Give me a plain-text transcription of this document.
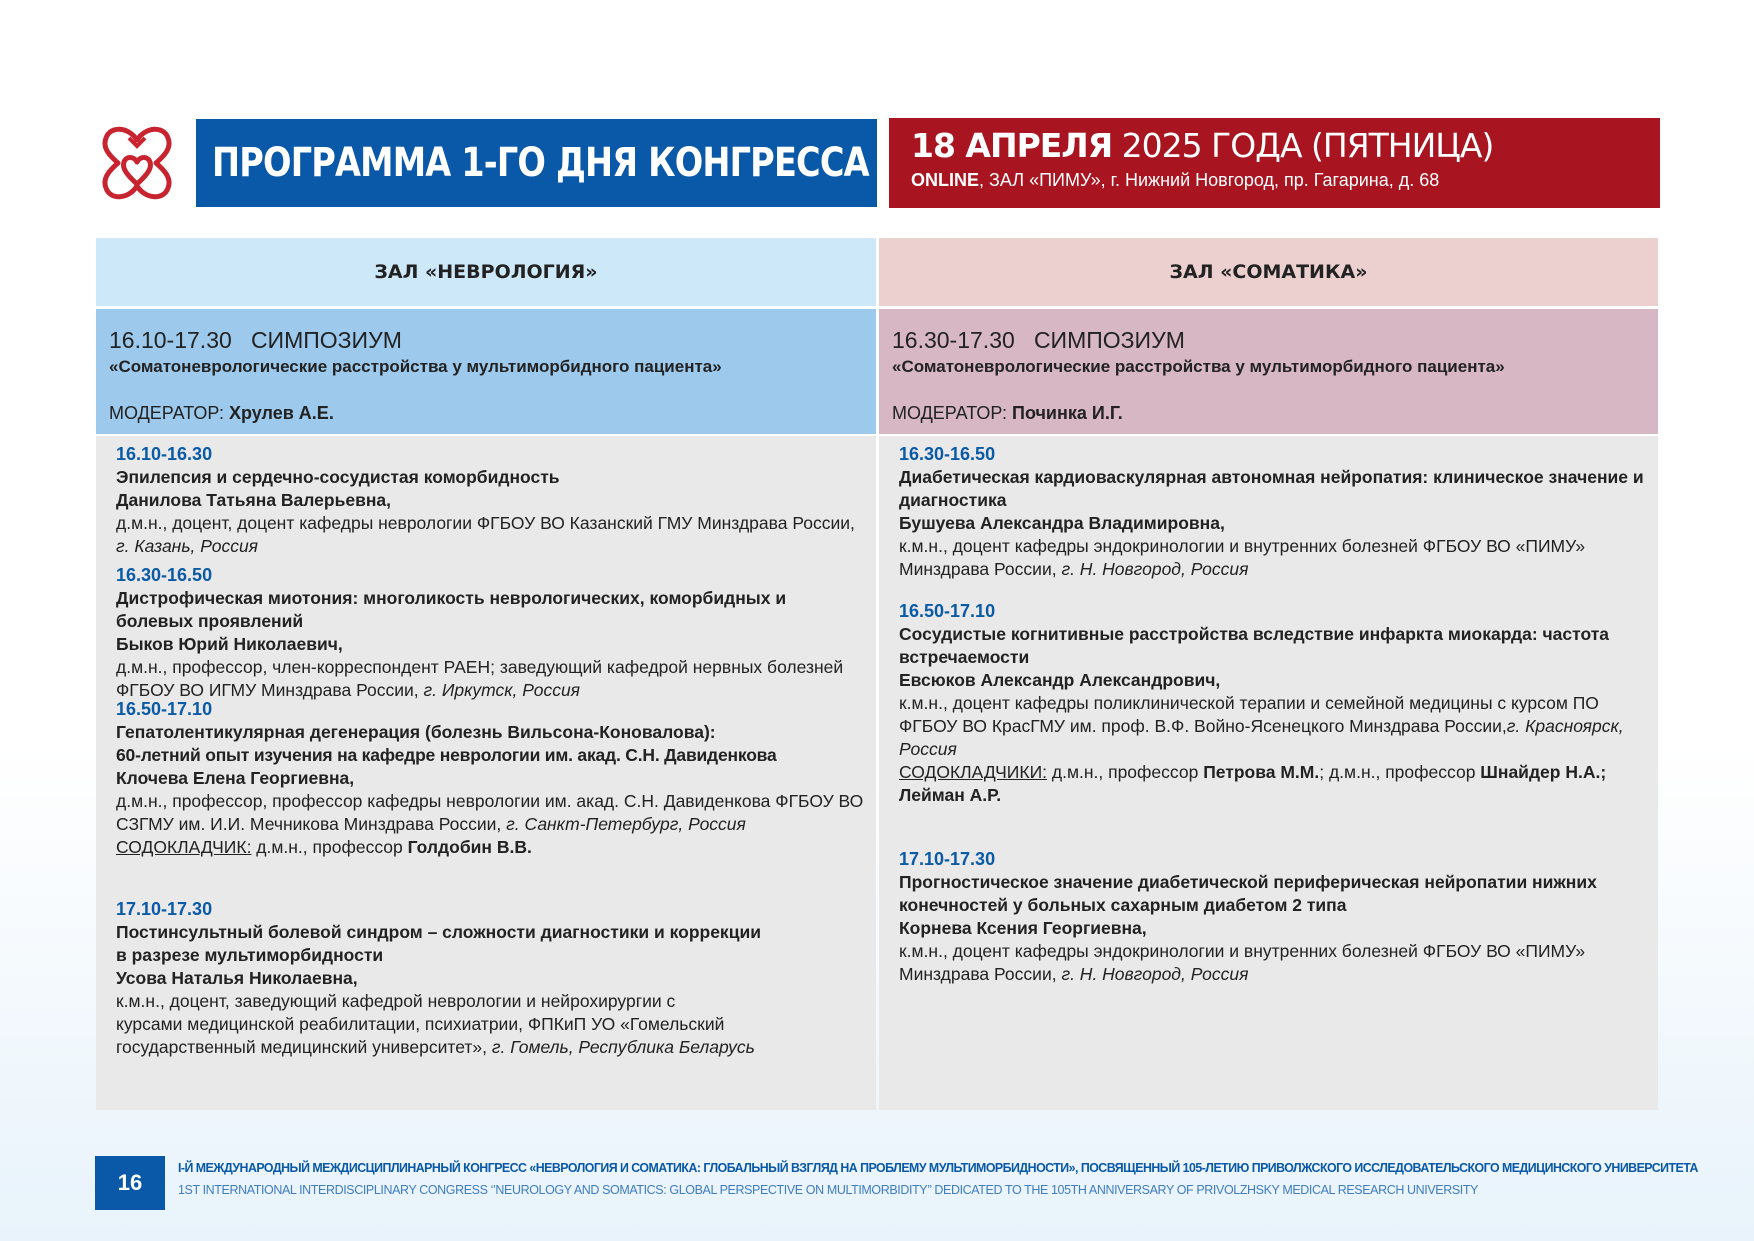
ПРОГРАММА 1-ГО ДНЯ КОНГРЕССА 18 АПРЕЛЯ 2025 ГОДА (ПЯТНИЦА)
ONLINE, ЗАЛ «ПИМУ», г. Нижний Новгород, пр. Гагарина, д. 68
ЗАЛ «НЕВРОЛОГИЯ»	ЗАЛ «СОМАТИКА»
16.10-17.30   СИМПОЗИУМ
«Соматоневрологические расстройства у мультиморбидного пациента»
МОДЕРАТОР: Хрулев А.Е.
16.30-17.30   СИМПОЗИУМ
«Соматоневрологические расстройства у мультиморбидного пациента»
МОДЕРАТОР: Починка И.Г.
16.10-16.30
Эпилепсия и сердечно-сосудистая коморбидность
Данилова Татьяна Валерьевна,
д.м.н., доцент, доцент кафедры неврологии ФГБОУ ВО Казанский ГМУ Минздрава России, г. Казань, Россия
16.30-16.50
Дистрофическая миотония: многоликость неврологических, коморбидных и болевых проявлений
Быков Юрий Николаевич,
д.м.н., профессор, член-корреспондент РАЕН; заведующий кафедрой нервных болезней ФГБОУ ВО ИГМУ Минздрава России, г. Иркутск, Россия
16.50-17.10
Гепатолентикулярная дегенерация (болезнь Вильсона-Коновалова):
60-летний опыт изучения на кафедре неврологии им. акад. С.Н. Давиденкова
Клочева Елена Георгиевна,
д.м.н., профессор, профессор кафедры неврологии им. акад. С.Н. Давиденкова ФГБОУ ВО СЗГМУ им. И.И. Мечникова Минздрава России, г. Санкт-Петербург, Россия
СОДОКЛАДЧИК: д.м.н., профессор Голдобин В.В.
17.10-17.30
Постинсультный болевой синдром – сложности диагностики и коррекции
в разрезе мультиморбидности
Усова Наталья Николаевна,
к.м.н., доцент, заведующий кафедрой неврологии и нейрохирургии с
курсами медицинской реабилитации, психиатрии, ФПКиП УО «Гомельский
государственный медицинский университет», г. Гомель, Республика Беларусь
16.30-16.50
Диабетическая кардиоваскулярная автономная нейропатия: клиническое значение и диагностика
Бушуева Александра Владимировна,
к.м.н., доцент кафедры эндокринологии и внутренних болезней ФГБОУ ВО «ПИМУ» Минздрава России, г. Н. Новгород, Россия
16.50-17.10
Сосудистые когнитивные расстройства вследствие инфаркта миокарда: частота встречаемости
Евсюков Александр Александрович,
к.м.н., доцент кафедры поликлинической терапии и семейной медицины с курсом ПО ФГБОУ ВО КрасГМУ им. проф. В.Ф. Войно-Ясенецкого Минздрава России,г. Красноярск, Россия
СОДОКЛАДЧИКИ: д.м.н., профессор Петрова М.М.; д.м.н., профессор Шнайдер Н.А.; Лейман А.Р.
17.10-17.30
Прогностическое значение диабетической периферическая нейропатии нижних конечностей у больных сахарным диабетом 2 типа
Корнева Ксения Георгиевна,
к.м.н., доцент кафедры эндокринологии и внутренних болезней ФГБОУ ВО «ПИМУ» Минздрава России, г. Н. Новгород, Россия
16
I-Й МЕЖДУНАРОДНЫЙ МЕЖДИСЦИПЛИНАРНЫЙ КОНГРЕСС «НЕВРОЛОГИЯ И СОМАТИКА: ГЛОБАЛЬНЫЙ ВЗГЛЯД НА ПРОБЛЕМУ МУЛЬТИМОРБИДНОСТИ», ПОСВЯЩЕННЫЙ 105-ЛЕТИЮ ПРИВОЛЖСКОГО ИССЛЕДОВАТЕЛЬСКОГО МЕДИЦИНСКОГО УНИВЕРСИТЕТА
1ST INTERNATIONAL INTERDISCIPLINARY CONGRESS ‘’NEUROLOGY AND SOMATICS: GLOBAL PERSPECTIVE ON MULTIMORBIDITY’’ DEDICATED TO THE 105TH ANNIVERSARY OF PRIVOLZHSKY MEDICAL RESEARCH UNIVERSITY
